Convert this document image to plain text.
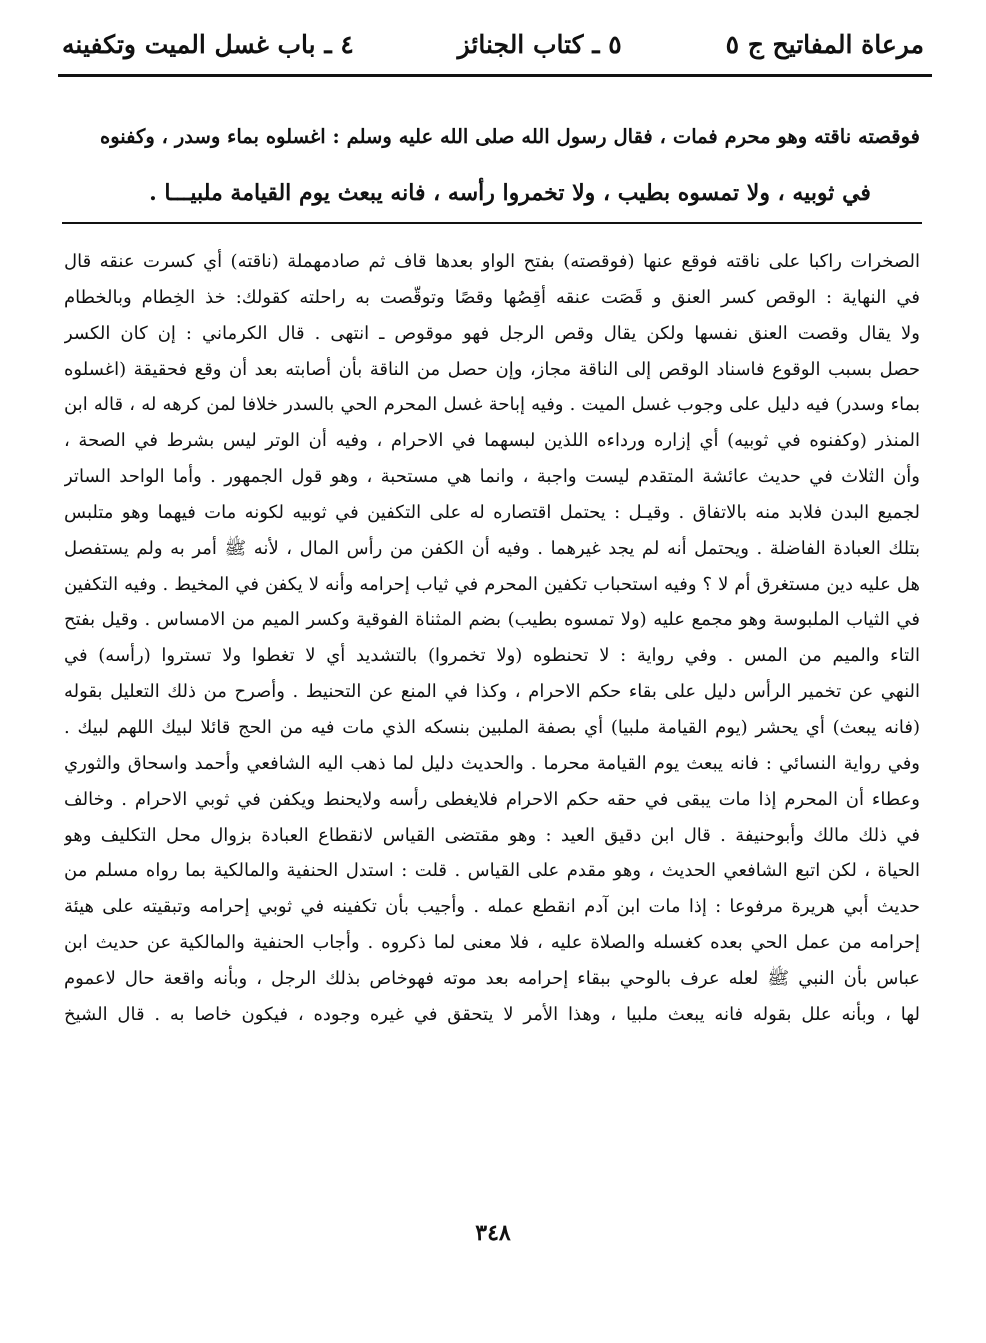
مرعاة المفاتيح ج ٥
٥ ـ كتاب الجنائز
٤ ـ باب غسل الميت وتكفينه
فوقصته ناقته وهو محرم فمات ، فقال رسول الله صلى الله عليه وسلم : اغسلوه بماء وسدر ، وكفنوه
في ثوبيه ، ولا تمسوه بطيب ، ولا تخمروا رأسه ، فانه يبعث يوم القيامة ملبيـــا .
الصخرات راكبا على ناقته فوقع عنها (فوقصته) بفتح الواو بعدها قاف ثم صادمهملة (ناقته) أي كسرت عنقه قال
في النهاية : الوقص كسر العنق و قَصَت عنقه أقِصُها وقصًا وتوقّصت به راحلته كقولك: خذ الخِطام وبالخطام
ولا يقال وقصت العنق نفسها ولكن يقال وقص الرجل فهو موقوص ـ انتهى . قال الكرماني : إن كان الكسر
حصل بسبب الوقوع فاسناد الوقص إلى الناقة مجاز، وإن حصل من الناقة بأن أصابته بعد أن وقع فحقيقة (اغسلوه
بماء وسدر) فيه دليل على وجوب غسل الميت . وفيه إباحة غسل المحرم الحي بالسدر خلافا لمن كرهه له ، قاله ابن
المنذر (وكفنوه في ثوبيه) أي إزاره ورداءه اللذين لبسهما في الاحرام ، وفيه أن الوتر ليس بشرط في الصحة ،
وأن الثلاث في حديث عائشة المتقدم ليست واجبة ، وانما هي مستحبة ، وهو قول الجمهور . وأما الواحد الساتر
لجميع البدن فلابد منه بالاتفاق . وقيـل : يحتمل اقتصاره له على التكفين في ثوبيه لكونه مات فيهما وهو متلبس
بتلك العبادة الفاضلة . ويحتمل أنه لم يجد غيرهما . وفيه أن الكفن من رأس المال ، لأنه ﷺ أمر به ولم يستفصل
هل عليه دين مستغرق أم لا ؟ وفيه استحباب تكفين المحرم في ثياب إحرامه وأنه لا يكفن في المخيط . وفيه التكفين
في الثياب الملبوسة وهو مجمع عليه (ولا تمسوه بطيب) بضم المثناة الفوقية وكسر الميم من الامساس . وقيل بفتح
التاء والميم من المس . وفي رواية : لا تحنطوه (ولا تخمروا) بالتشديد أي لا تغطوا ولا تستروا (رأسه) في
النهي عن تخمير الرأس دليل على بقاء حكم الاحرام ، وكذا في المنع عن التحنيط . وأصرح من ذلك التعليل بقوله
(فانه يبعث) أي يحشر (يوم القيامة ملبيا) أي بصفة الملبين بنسكه الذي مات فيه من الحج قائلا لبيك اللهم لبيك .
وفي رواية النسائي : فانه يبعث يوم القيامة محرما . والحديث دليل لما ذهب اليه الشافعي وأحمد واسحاق والثوري
وعطاء أن المحرم إذا مات يبقى في حقه حكم الاحرام فلايغطى رأسه ولايحنط ويكفن في ثوبي الاحرام . وخالف
في ذلك مالك وأبوحنيفة . قال ابن دقيق العيد : وهو مقتضى القياس لانقطاع العبادة بزوال محل التكليف وهو
الحياة ، لكن اتبع الشافعي الحديث ، وهو مقدم على القياس . قلت : استدل الحنفية والمالكية بما رواه مسلم من
حديث أبي هريرة مرفوعا : إذا مات ابن آدم انقطع عمله . وأجيب بأن تكفينه في ثوبي إحرامه وتبقيته على هيئة
إحرامه من عمل الحي بعده كغسله والصلاة عليه ، فلا معنى لما ذكروه . وأجاب الحنفية والمالكية عن حديث ابن
عباس بأن النبي ﷺ لعله عرف بالوحي ببقاء إحرامه بعد موته فهوخاص بذلك الرجل ، وبأنه واقعة حال لاعموم
لها ، وبأنه علل بقوله فانه يبعث ملبيا ، وهذا الأمر لا يتحقق في غيره وجوده ، فيكون خاصا به . قال الشيخ
٣٤٨
